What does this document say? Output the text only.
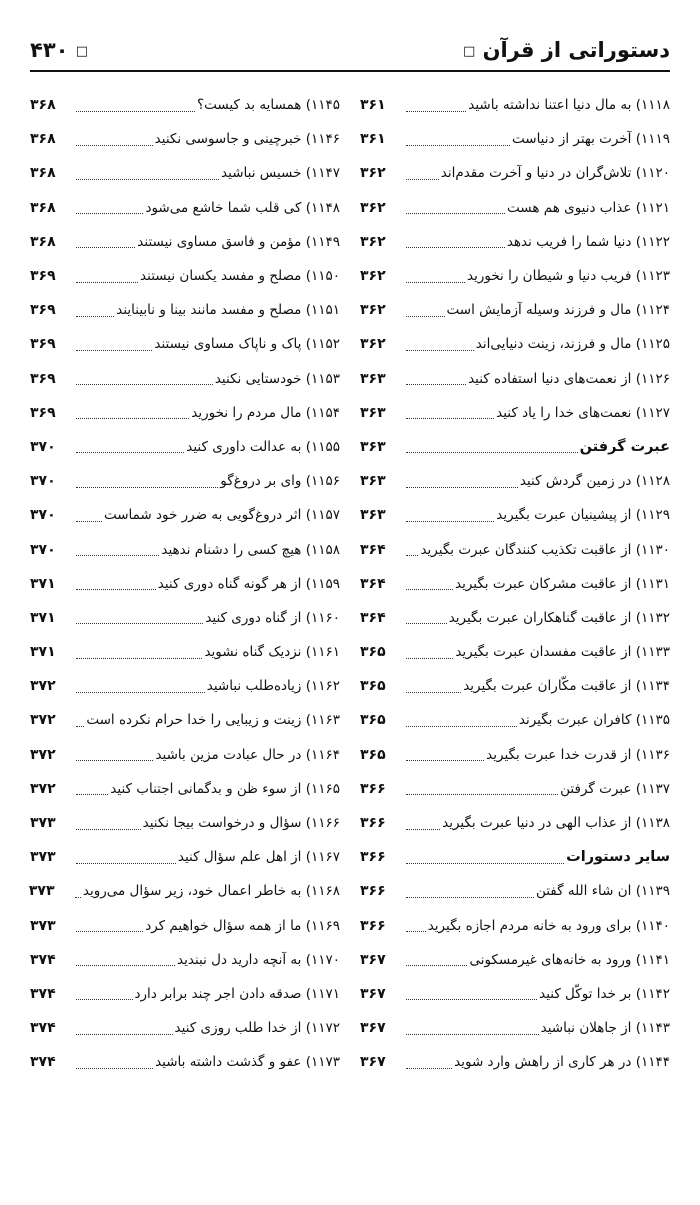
دستوراتی از قرآن □
□ ۴۳۰
۱۱۱۸) به مال دنیا اعتنا نداشته باشید
۳۶۱
۱۱۱۹) آخرت بهتر از دنیاست
۳۶۱
۱۱۲۰) تلاش‌گران در دنیا و آخرت مقدم‌اند
۳۶۲
۱۱۲۱) عذاب دنیوی هم هست
۳۶۲
۱۱۲۲) دنیا شما را فریب ندهد
۳۶۲
۱۱۲۳) فریب دنیا و شیطان را نخورید
۳۶۲
۱۱۲۴) مال و فرزند وسیله آزمایش است
۳۶۲
۱۱۲۵) مال و فرزند، زینت دنیایی‌اند
۳۶۲
۱۱۲۶) از نعمت‌های دنیا استفاده کنید
۳۶۳
۱۱۲۷) نعمت‌های خدا را یاد کنید
۳۶۳
عبرت گرفتن
۳۶۳
۱۱۲۸) در زمین گردش کنید
۳۶۳
۱۱۲۹) از پیشینیان عبرت بگیرید
۳۶۳
۱۱۳۰) از عاقبت تکذیب کنندگان عبرت بگیرید
۳۶۴
۱۱۳۱) از عاقبت مشرکان عبرت بگیرید
۳۶۴
۱۱۳۲) از عاقبت گناهکاران عبرت بگیرید
۳۶۴
۱۱۳۳) از عاقبت مفسدان عبرت بگیرید
۳۶۵
۱۱۳۴) از عاقبت مکّاران عبرت بگیرید
۳۶۵
۱۱۳۵) کافران عبرت بگیرند
۳۶۵
۱۱۳۶) از قدرت خدا عبرت بگیرید
۳۶۵
۱۱۳۷) عبرت گرفتن
۳۶۶
۱۱۳۸) از عذاب الهی در دنیا عبرت بگیرید
۳۶۶
سایر دستورات
۳۶۶
۱۱۳۹) ان شاء الله گفتن
۳۶۶
۱۱۴۰) برای ورود به خانه مردم اجازه بگیرید
۳۶۶
۱۱۴۱) ورود به خانه‌های غیرمسکونی
۳۶۷
۱۱۴۲) بر خدا توکّل کنید
۳۶۷
۱۱۴۳) از جاهلان نباشید
۳۶۷
۱۱۴۴) در هر کاری از راهش وارد شوید
۳۶۷
۱۱۴۵) همسایه بد کیست؟
۳۶۸
۱۱۴۶) خبرچینی و جاسوسی نکنید
۳۶۸
۱۱۴۷) خسیس نباشید
۳۶۸
۱۱۴۸) کی قلب شما خاشع می‌شود
۳۶۸
۱۱۴۹) مؤمن و فاسق مساوی نیستند
۳۶۸
۱۱۵۰) مصلح و مفسد یکسان نیستند
۳۶۹
۱۱۵۱) مصلح و مفسد مانند بینا و نابینایند
۳۶۹
۱۱۵۲) پاک و ناپاک مساوی نیستند
۳۶۹
۱۱۵۳) خودستایی نکنید
۳۶۹
۱۱۵۴) مال مردم را نخورید
۳۶۹
۱۱۵۵) به عدالت داوری کنید
۳۷۰
۱۱۵۶) وای بر دروغ‌گو
۳۷۰
۱۱۵۷) اثر دروغ‌گویی به ضرر خود شماست
۳۷۰
۱۱۵۸) هیچ کسی را دشنام ندهید
۳۷۰
۱۱۵۹) از هر گونه گناه دوری کنید
۳۷۱
۱۱۶۰) از گناه دوری کنید
۳۷۱
۱۱۶۱) نزدیک گناه نشوید
۳۷۱
۱۱۶۲) زیاده‌طلب نباشید
۳۷۲
۱۱۶۳) زینت و زیبایی را خدا حرام نکرده است
۳۷۲
۱۱۶۴) در حال عبادت مزین باشید
۳۷۲
۱۱۶۵) از سوء ظن و بدگمانی اجتناب کنید
۳۷۲
۱۱۶۶) سؤال و درخواست بیجا نکنید
۳۷۳
۱۱۶۷) از اهل علم سؤال کنید
۳۷۳
۱۱۶۸) به خاطر اعمال خود، زیر سؤال می‌روید
۳۷۳
۱۱۶۹) ما از همه سؤال خواهیم کرد
۳۷۳
۱۱۷۰) به آنچه دارید دل نبندید
۳۷۴
۱۱۷۱) صدقه دادن اجر چند برابر دارد
۳۷۴
۱۱۷۲) از خدا طلب روزی کنید
۳۷۴
۱۱۷۳) عفو و گذشت داشته باشید
۳۷۴
